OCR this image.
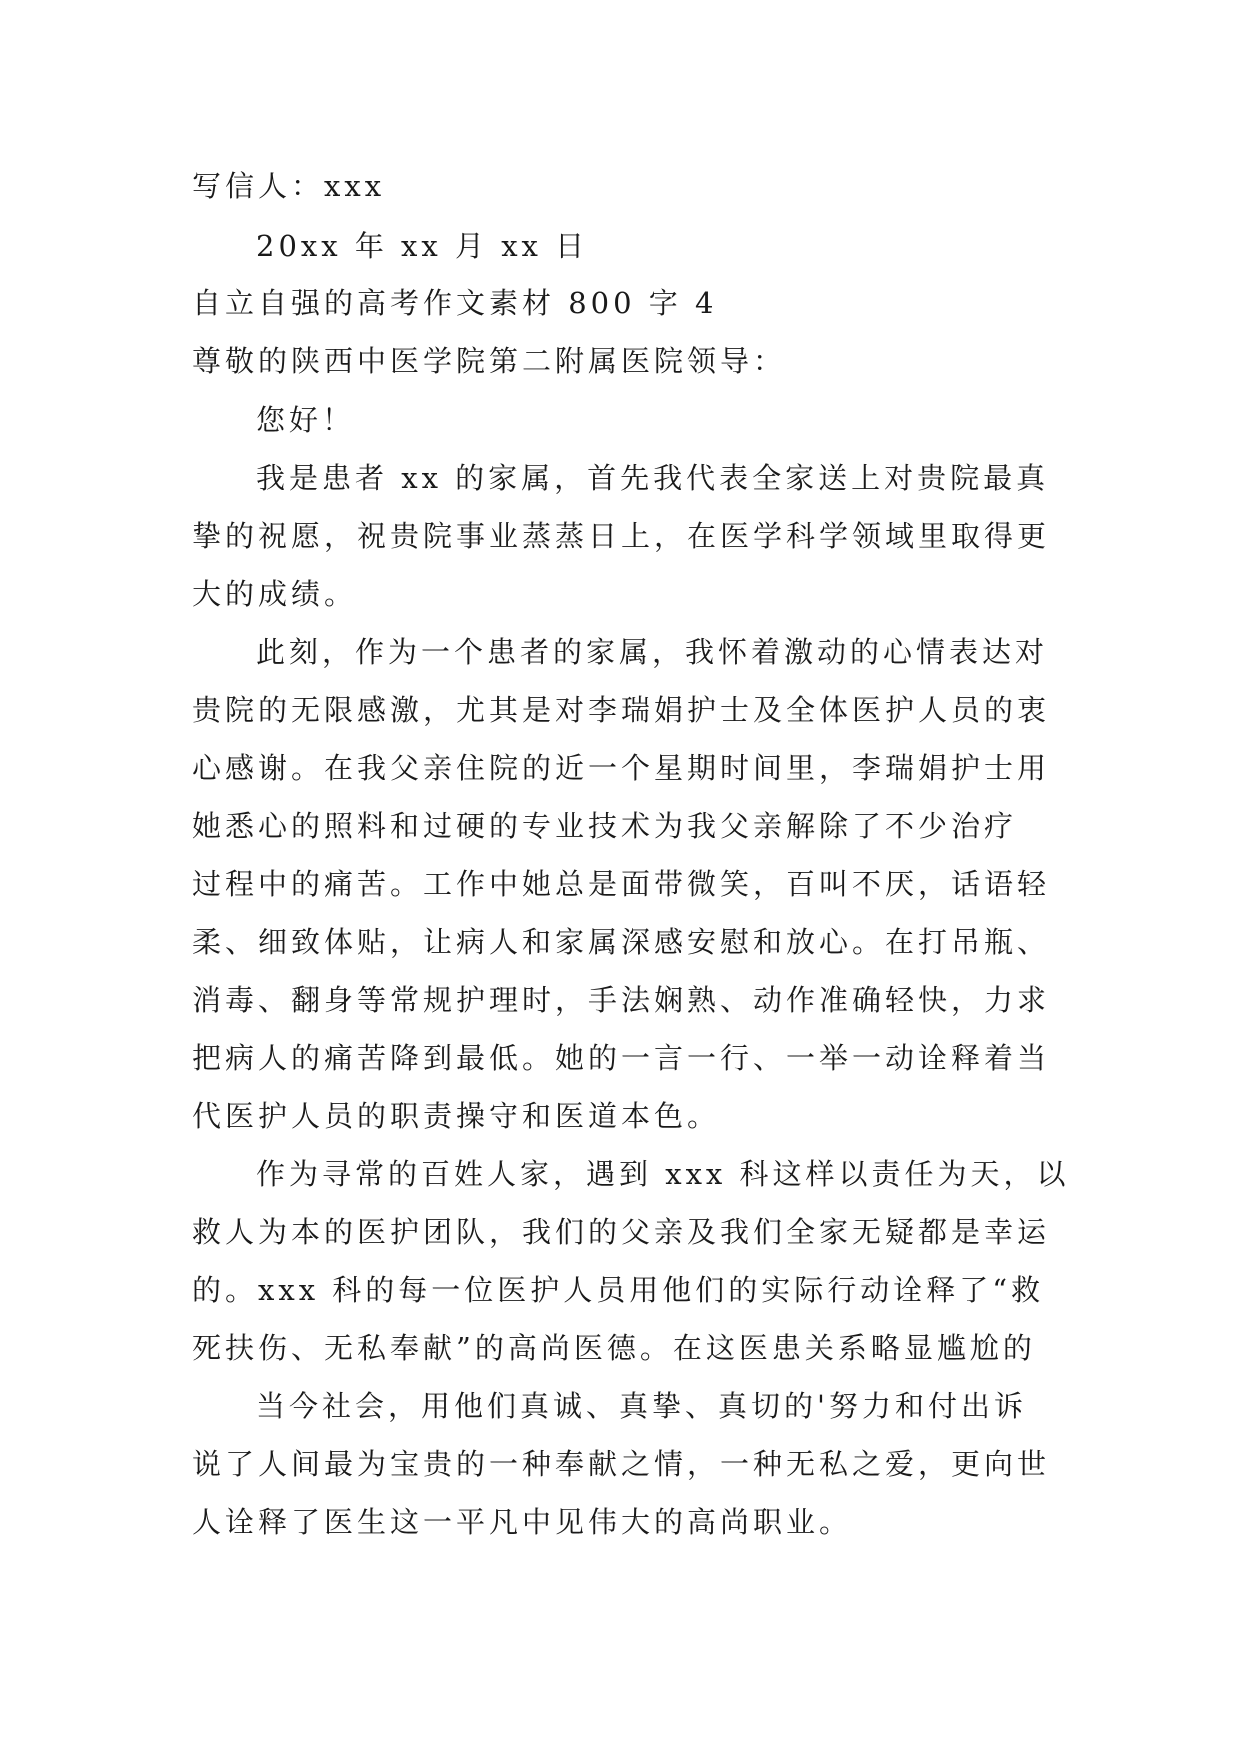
写信人：xxx
20xx 年 xx 月 xx 日
自立自强的高考作文素材 800 字 4
尊敬的陕西中医学院第二附属医院领导：
您好！
我是患者 xx 的家属，首先我代表全家送上对贵院最真
挚的祝愿，祝贵院事业蒸蒸日上，在医学科学领域里取得更
大的成绩。
此刻，作为一个患者的家属，我怀着激动的心情表达对
贵院的无限感激，尤其是对李瑞娟护士及全体医护人员的衷
心感谢。在我父亲住院的近一个星期时间里，李瑞娟护士用
她悉心的照料和过硬的专业技术为我父亲解除了不少治疗
过程中的痛苦。工作中她总是面带微笑，百叫不厌，话语轻
柔、细致体贴，让病人和家属深感安慰和放心。在打吊瓶、
消毒、翻身等常规护理时，手法娴熟、动作准确轻快，力求
把病人的痛苦降到最低。她的一言一行、一举一动诠释着当
代医护人员的职责操守和医道本色。
作为寻常的百姓人家，遇到 xxx 科这样以责任为天，以
救人为本的医护团队，我们的父亲及我们全家无疑都是幸运
的。xxx 科的每一位医护人员用他们的实际行动诠释了“救
死扶伤、无私奉献”的高尚医德。在这医患关系略显尴尬的
当今社会，用他们真诚、真挚、真切的'努力和付出诉
说了人间最为宝贵的一种奉献之情，一种无私之爱，更向世
人诠释了医生这一平凡中见伟大的高尚职业。
